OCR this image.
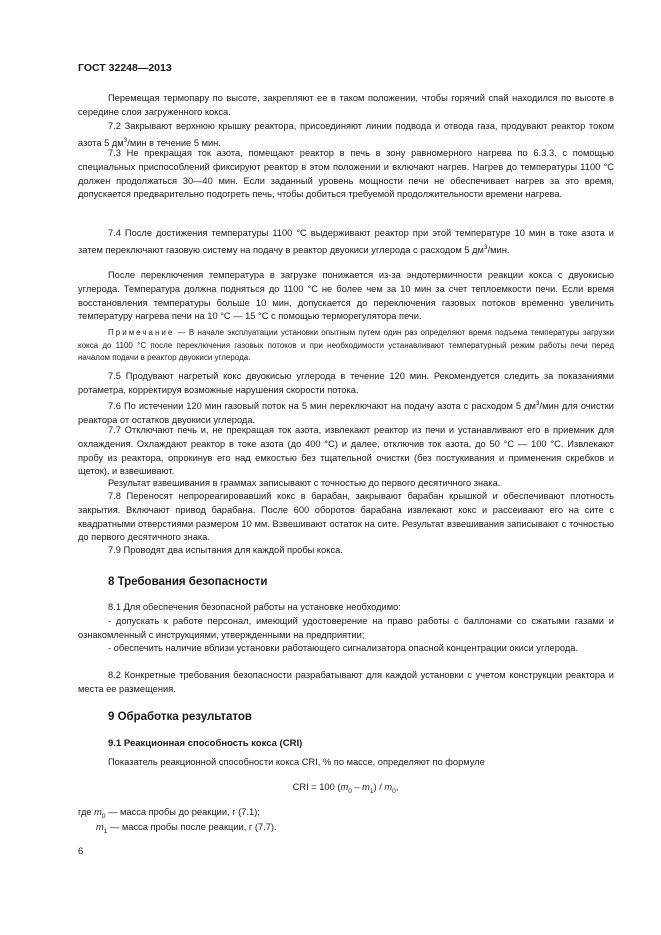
ГОСТ 32248—2013

Перемещая термопару по высоте, закрепляют ее в таком положении, чтобы горячий спай находился по высоте в середине слоя загруженного кокса.

7.2 Закрывают верхнюю крышку реактора, присоединяют линии подвода и отвода газа, продувают реактор током азота 5 $дм^3$/мин в течение 5 мин.

7.3 Не прекращая ток азота, помещают реактор в печь в зону равномерного нагрева по 6.3.3, с помощью специальных приспособлений фиксируют реактор в этом положении и включают нагрев. Нагрев до температуры 1100 °С должен продолжаться 30—40 мин. Если заданный уровень мощности печи не обеспечивает нагрев за это время, допускается предварительно подогреть печь, чтобы добиться требуемой продолжительности времени нагрева.

7.4 После достижения температуры 1100 °С выдерживают реактор при этой температуре 10 мин в токе азота и затем переключают газовую систему на подачу в реактор двуокиси углерода с расходом 5 $дм^3$/мин.

После переключения температура в загрузке понижается из-за эндотермичности реакции кокса с двуокисью углерода. Температура должна подняться до 1100 °С не более чем за 10 мин за счет теплоемкости печи. Если время восстановления температуры больше 10 мин, допускается до переключения газовых потоков временно увеличить температуру нагрева печи на 10 °С — 15 °С с помощью терморегулятора печи.

Примечание — В начале эксплуатации установки опытным путем один раз определяют время подъема температуры загрузки кокса до 1100 °С после переключения газовых потоков и при необходимости устанавливают температурный режим работы печи перед началом подачи в реактор двуокиси углерода.

7.5 Продувают нагретый кокс двуокисью углерода в течение 120 мин. Рекомендуется следить за показаниями ротаметра, корректируя возможные нарушения скорости потока.

7.6 По истечении 120 мин газовый поток на 5 мин переключают на подачу азота с расходом 5 $дм^3$/мин для очистки реактора от остатков двуокиси углерода.

7.7 Отключают печь и, не прекращая ток азота, извлекают реактор из печи и устанавливают его в приемник для охлаждения. Охлаждают реактор в токе азота (до 400 °С) и далее, отключив ток азота, до 50 °С — 100 °С. Извлекают пробу из реактора, опрокинув его над емкостью без тщательной очистки (без постукивания и применения скребков и щеток), и взвешивают.

Результат взвешивания в граммах записывают с точностью до первого десятичного знака.

7.8 Переносят непрореагировавший кокс в барабан, закрывают барабан крышкой и обеспечивают плотность закрытия. Включают привод барабана. После 600 оборотов барабана извлекают кокс и рассеивают его на сите с квадратными отверстиями размером 10 мм. Взвешивают остаток на сите. Результат взвешивания записывают с точностью до первого десятичного знака.

7.9 Проводят два испытания для каждой пробы кокса.

8 Требования безопасности

8.1 Для обеспечения безопасной работы на установке необходимо:

- допускать к работе персонал, имеющий удостоверение на право работы с баллонами со сжатыми газами и ознакомленный с инструкциями, утвержденными на предприятии;

- обеспечить наличие вблизи установки работающего сигнализатора опасной концентрации окиси углерода.

8.2 Конкретные требования безопасности разрабатывают для каждой установки с учетом конструкции реактора и места ее размещения.

9 Обработка результатов
9.1 Реакционная способность кокса (CRI)

Показатель реакционной способности кокса CRI, % по массе, определяют по формуле

CRI = 100 $(m_0 - m_1) / m_0$,
где $m_0$ — масса пробы до реакции, г (7.1);
$m_1$ — масса пробы после реакции, г (7.7).
6
